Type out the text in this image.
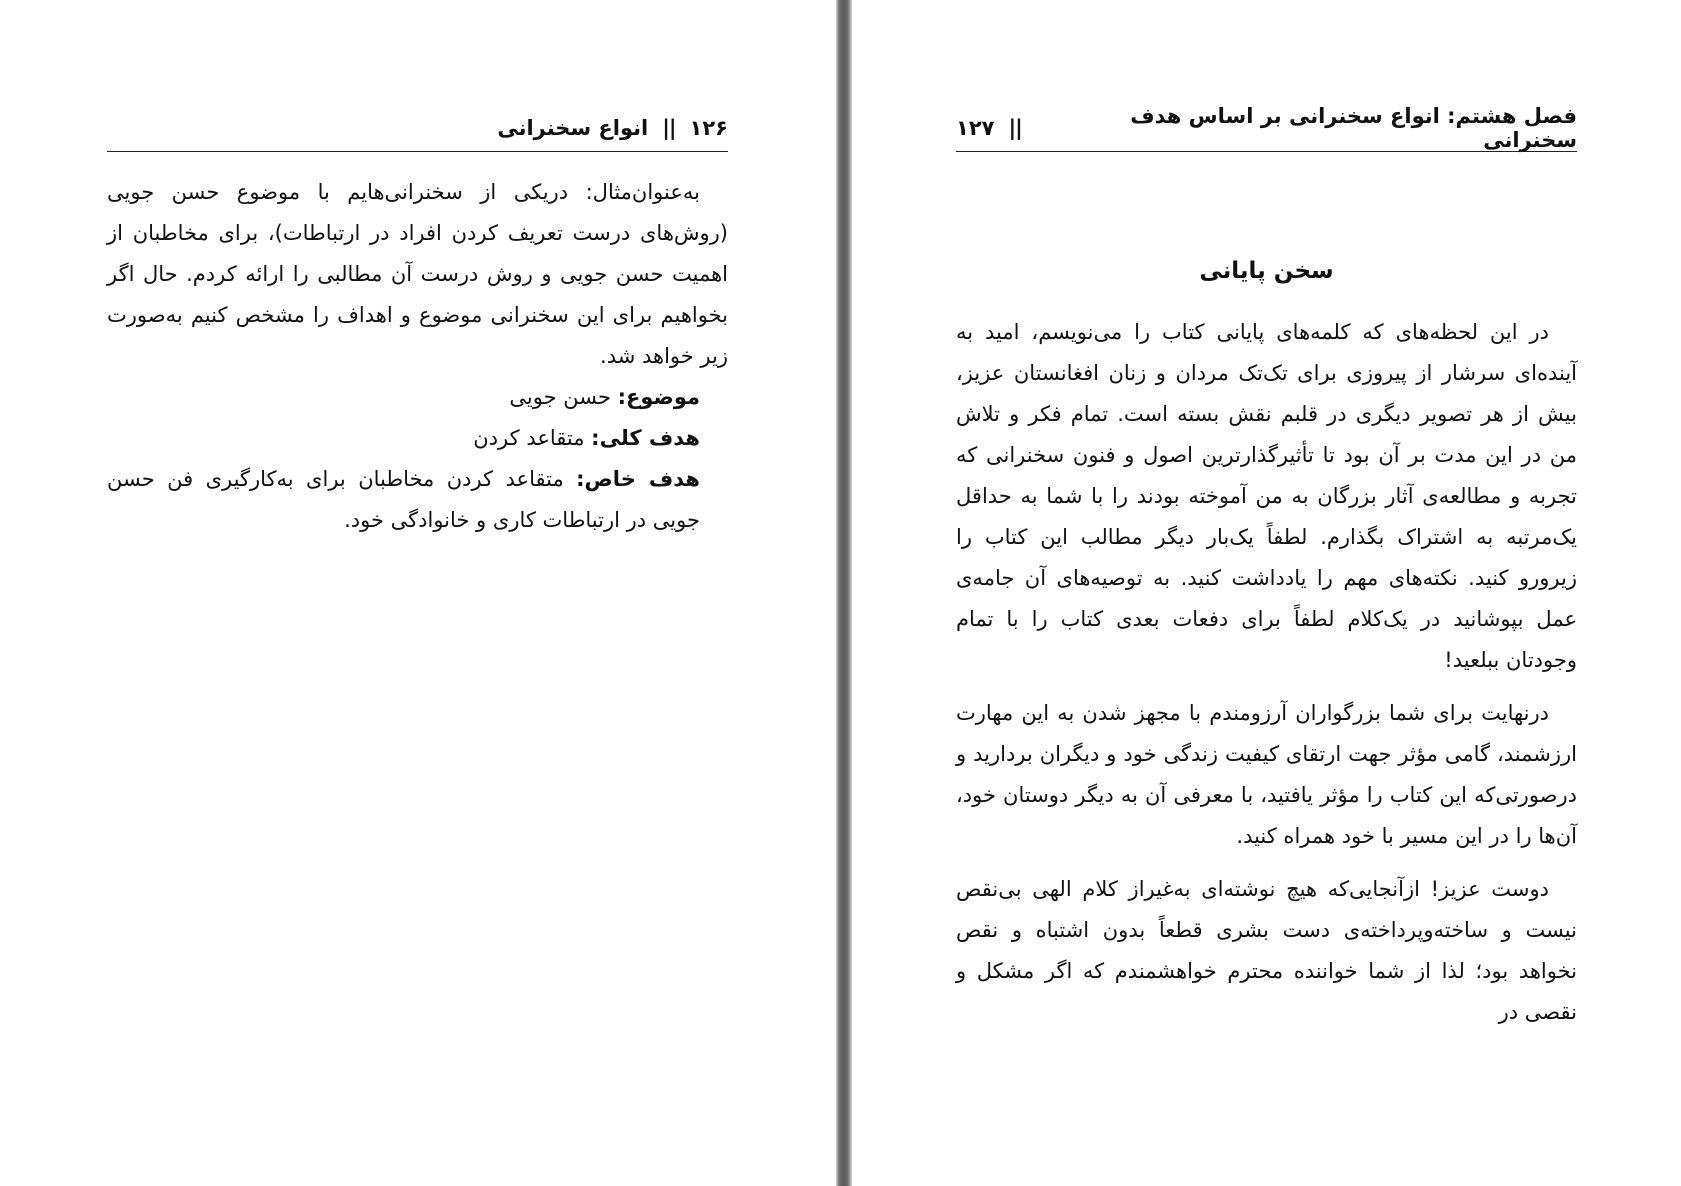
۱۲۶
||
انواع سخنرانی

به‌عنوان‌مثال: دریکی از سخنرانی‌هایم با موضوع حسن جویی (روش‌های درست تعریف کردن افراد در ارتباطات)، برای مخاطبان از اهمیت حسن جویی و روش درست آن مطالبی را ارائه کردم. حال اگر بخواهیم برای این سخنرانی موضوع و اهداف را مشخص کنیم به‌صورت زیر خواهد شد.

موضوع: حسن جویی

هدف کلی: متقاعد کردن

هدف خاص: متقاعد کردن مخاطبان برای به‌کارگیری فن حسن جویی در ارتباطات کاری و خانوادگی خود.

فصل هشتم: انواع سخنرانی بر اساس هدف سخنرانی
||
۱۲۷
سخن پایانی

در این لحظه‌های که کلمه‌های پایانی کتاب را می‌نویسم، امید به آینده‌ای سرشار از پیروزی برای تک‌تک مردان و زنان افغانستان عزیز، بیش از هر تصویر دیگری در قلبم نقش بسته است. تمام فکر و تلاش من در این مدت بر آن بود تا تأثیرگذارترین اصول و فنون سخنرانی که تجربه و مطالعه‌ی آثار بزرگان به من آموخته بودند را با شما به حداقل یک‌مرتبه به اشتراک بگذارم. لطفاً یک‌بار دیگر مطالب این کتاب را زیرورو کنید. نکته‌های مهم را یادداشت کنید. به توصیه‌های آن جامه‌ی عمل بپوشانید در یک‌کلام لطفاً برای دفعات بعدی کتاب را با تمام وجودتان ببلعید!

درنهایت برای شما بزرگواران آرزومندم با مجهز شدن به این مهارت ارزشمند، گامی مؤثر جهت ارتقای کیفیت زندگی خود و دیگران بردارید و درصورتی‌که این کتاب را مؤثر یافتید، با معرفی آن به دیگر دوستان خود، آن‌ها را در این مسیر با خود همراه کنید.

دوست عزیز! ازآنجایی‌که هیچ نوشته‌ای به‌غیراز کلام الهی بی‌نقص نیست و ساخته‌وپرداخته‌ی دست بشری قطعاً بدون اشتباه و نقص نخواهد بود؛ لذا از شما خواننده محترم خواهشمندم که اگر مشکل و نقصی در
